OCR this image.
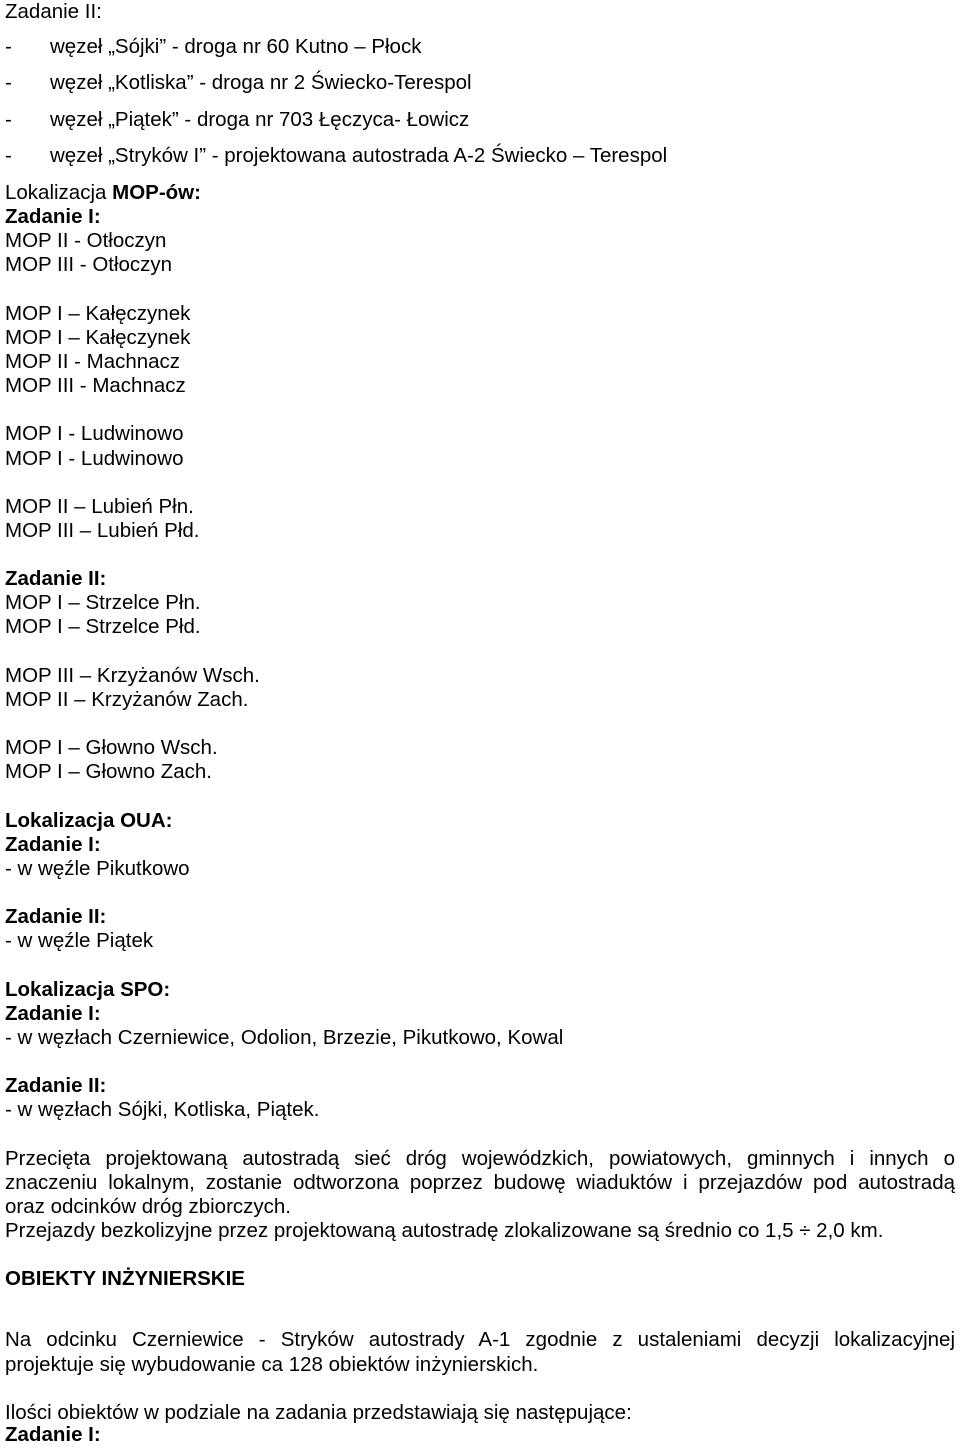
Zadanie II:
-	węzeł „Sójki” - droga nr 60 Kutno – Płock
-	węzeł „Kotliska” - droga nr 2 Świecko-Terespol
-	węzeł „Piątek” - droga nr 703 Łęczyca- Łowicz
-	węzeł „Stryków I” - projektowana autostrada A-2 Świecko – Terespol
Lokalizacja MOP-ów:
Zadanie I:
MOP II - Otłoczyn
MOP III - Otłoczyn
MOP I – Kałęczynek
MOP I – Kałęczynek
MOP II - Machnacz
MOP III - Machnacz
MOP I - Ludwinowo
MOP I - Ludwinowo
MOP II – Lubień Płn.
MOP III – Lubień Płd.
Zadanie II:
MOP I – Strzelce Płn.
MOP I – Strzelce Płd.
MOP III – Krzyżanów Wsch.
MOP II – Krzyżanów Zach.
MOP I – Głowno Wsch.
MOP I – Głowno Zach.
Lokalizacja OUA:
Zadanie I:
- w węźle Pikutkowo
Zadanie II:
- w węźle Piątek
Lokalizacja SPO:
Zadanie I:
- w węzłach Czerniewice, Odolion, Brzezie, Pikutkowo, Kowal
Zadanie II:
- w węzłach Sójki, Kotliska, Piątek.
Przecięta projektowaną autostradą sieć dróg wojewódzkich, powiatowych, gminnych i innych o
znaczeniu lokalnym, zostanie odtworzona poprzez budowę wiaduktów i przejazdów pod autostradą
oraz odcinków dróg zbiorczych.
Przejazdy bezkolizyjne przez projektowaną autostradę zlokalizowane są średnio co 1,5 ÷ 2,0 km.
OBIEKTY INŻYNIERSKIE
Na odcinku Czerniewice - Stryków autostrady A-1 zgodnie z ustaleniami decyzji lokalizacyjnej
projektuje się wybudowanie ca 128 obiektów inżynierskich.
Ilości obiektów w podziale na zadania przedstawiają się następujące:
Zadanie I:
